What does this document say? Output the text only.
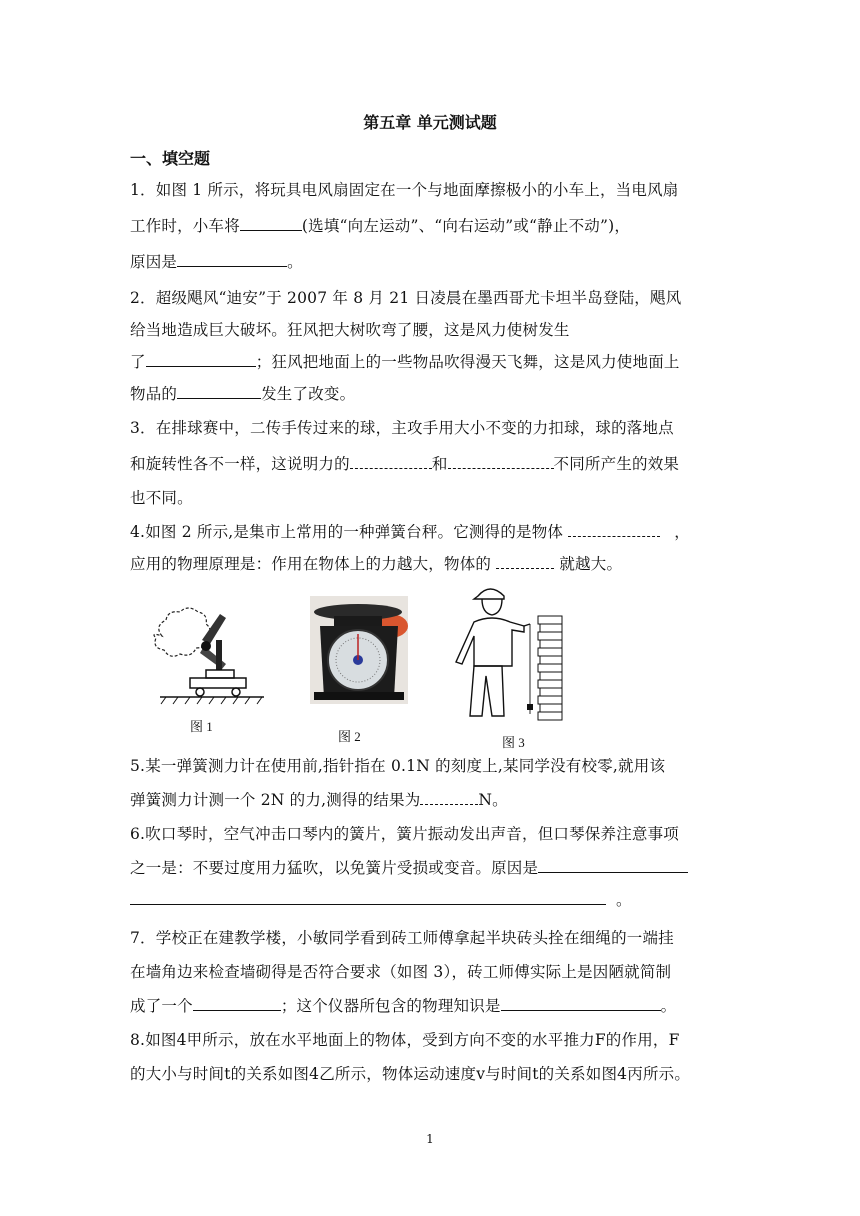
第五章 单元测试题
一、填空题
1．如图 1 所示，将玩具电风扇固定在一个与地面摩擦极小的小车上，当电风扇
工作时，小车将	(选填“向左运动”、“向右运动”或“静止不动”)，
原因是	。
2．超级飓风“迪安”于 2007 年 8 月 21 日凌晨在墨西哥尤卡坦半岛登陆，飓风
给当地造成巨大破坏。狂风把大树吹弯了腰，这是风力使树发生
了	；狂风把地面上的一些物品吹得漫天飞舞，这是风力使地面上
物品的	发生了改变。
3．在排球赛中，二传手传过来的球，主攻手用大小不变的力扣球，球的落地点
和旋转性各不一样，这说明力的	和	不同所产生的效果
也不同。
4.如图 2 所示,是集市上常用的一种弹簧台秤。它测得的是物体	，
应用的物理原理是：作用在物体上的力越大，物体的	就越大。
图 1
图 2	图 3
5.某一弹簧测力计在使用前,指针指在 0.1N 的刻度上,某同学没有校零,就用该
弹簧测力计测一个 2N 的力,测得的结果为	N。
6.吹口琴时，空气冲击口琴内的簧片，簧片振动发出声音，但口琴保养注意事项
之一是：不要过度用力猛吹，以免簧片受损或变音。原因是
。
7．学校正在建教学楼，小敏同学看到砖工师傅拿起半块砖头拴在细绳的一端挂
在墙角边来检查墙砌得是否符合要求（如图 3），砖工师傅实际上是因陋就简制
成了一个	；这个仪器所包含的物理知识是	。
8.如图4甲所示，放在水平地面上的物体，受到方向不变的水平推力F的作用，F
的大小与时间t的关系如图4乙所示，物体运动速度v与时间t的关系如图4丙所示。
1
